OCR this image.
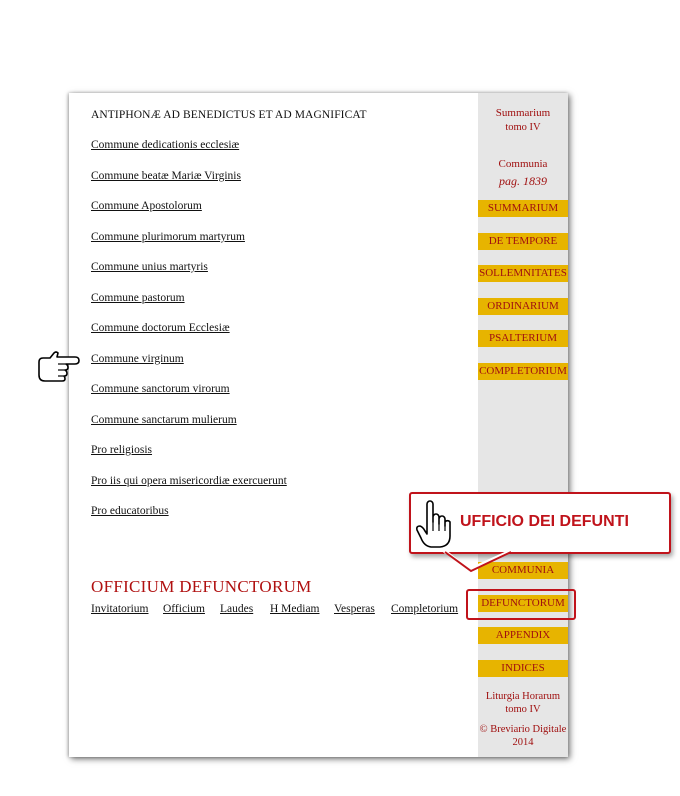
ANTIPHONÆ AD BENEDICTUS ET AD MAGNIFICAT
Commune dedicationis ecclesiæ
Commune beatæ Mariæ Virginis
Commune Apostolorum
Commune plurimorum martyrum
Commune unius martyris
Commune pastorum
Commune doctorum Ecclesiæ
Commune virginum
Commune sanctorum virorum
Commune sanctarum mulierum
Pro religiosis
Pro iis qui opera misericordiæ exercuerunt
Pro educatoribus
OFFICIUM DEFUNCTORUM
Invitatorium Officium Laudes H Mediam Vesperas Completorium
Summarium
tomo IV
Communia
pag. 1839
Liturgia Horarum
tomo IV
© Breviario Digitale
2014
SUMMARIUM
DE TEMPORE
SOLLEMNITATES
ORDINARIUM
PSALTERIUM
COMPLETORIUM
COMMUNIA
DEFUNCTORUM
APPENDIX
INDICES
UFFICIO DEI DEFUNTI
